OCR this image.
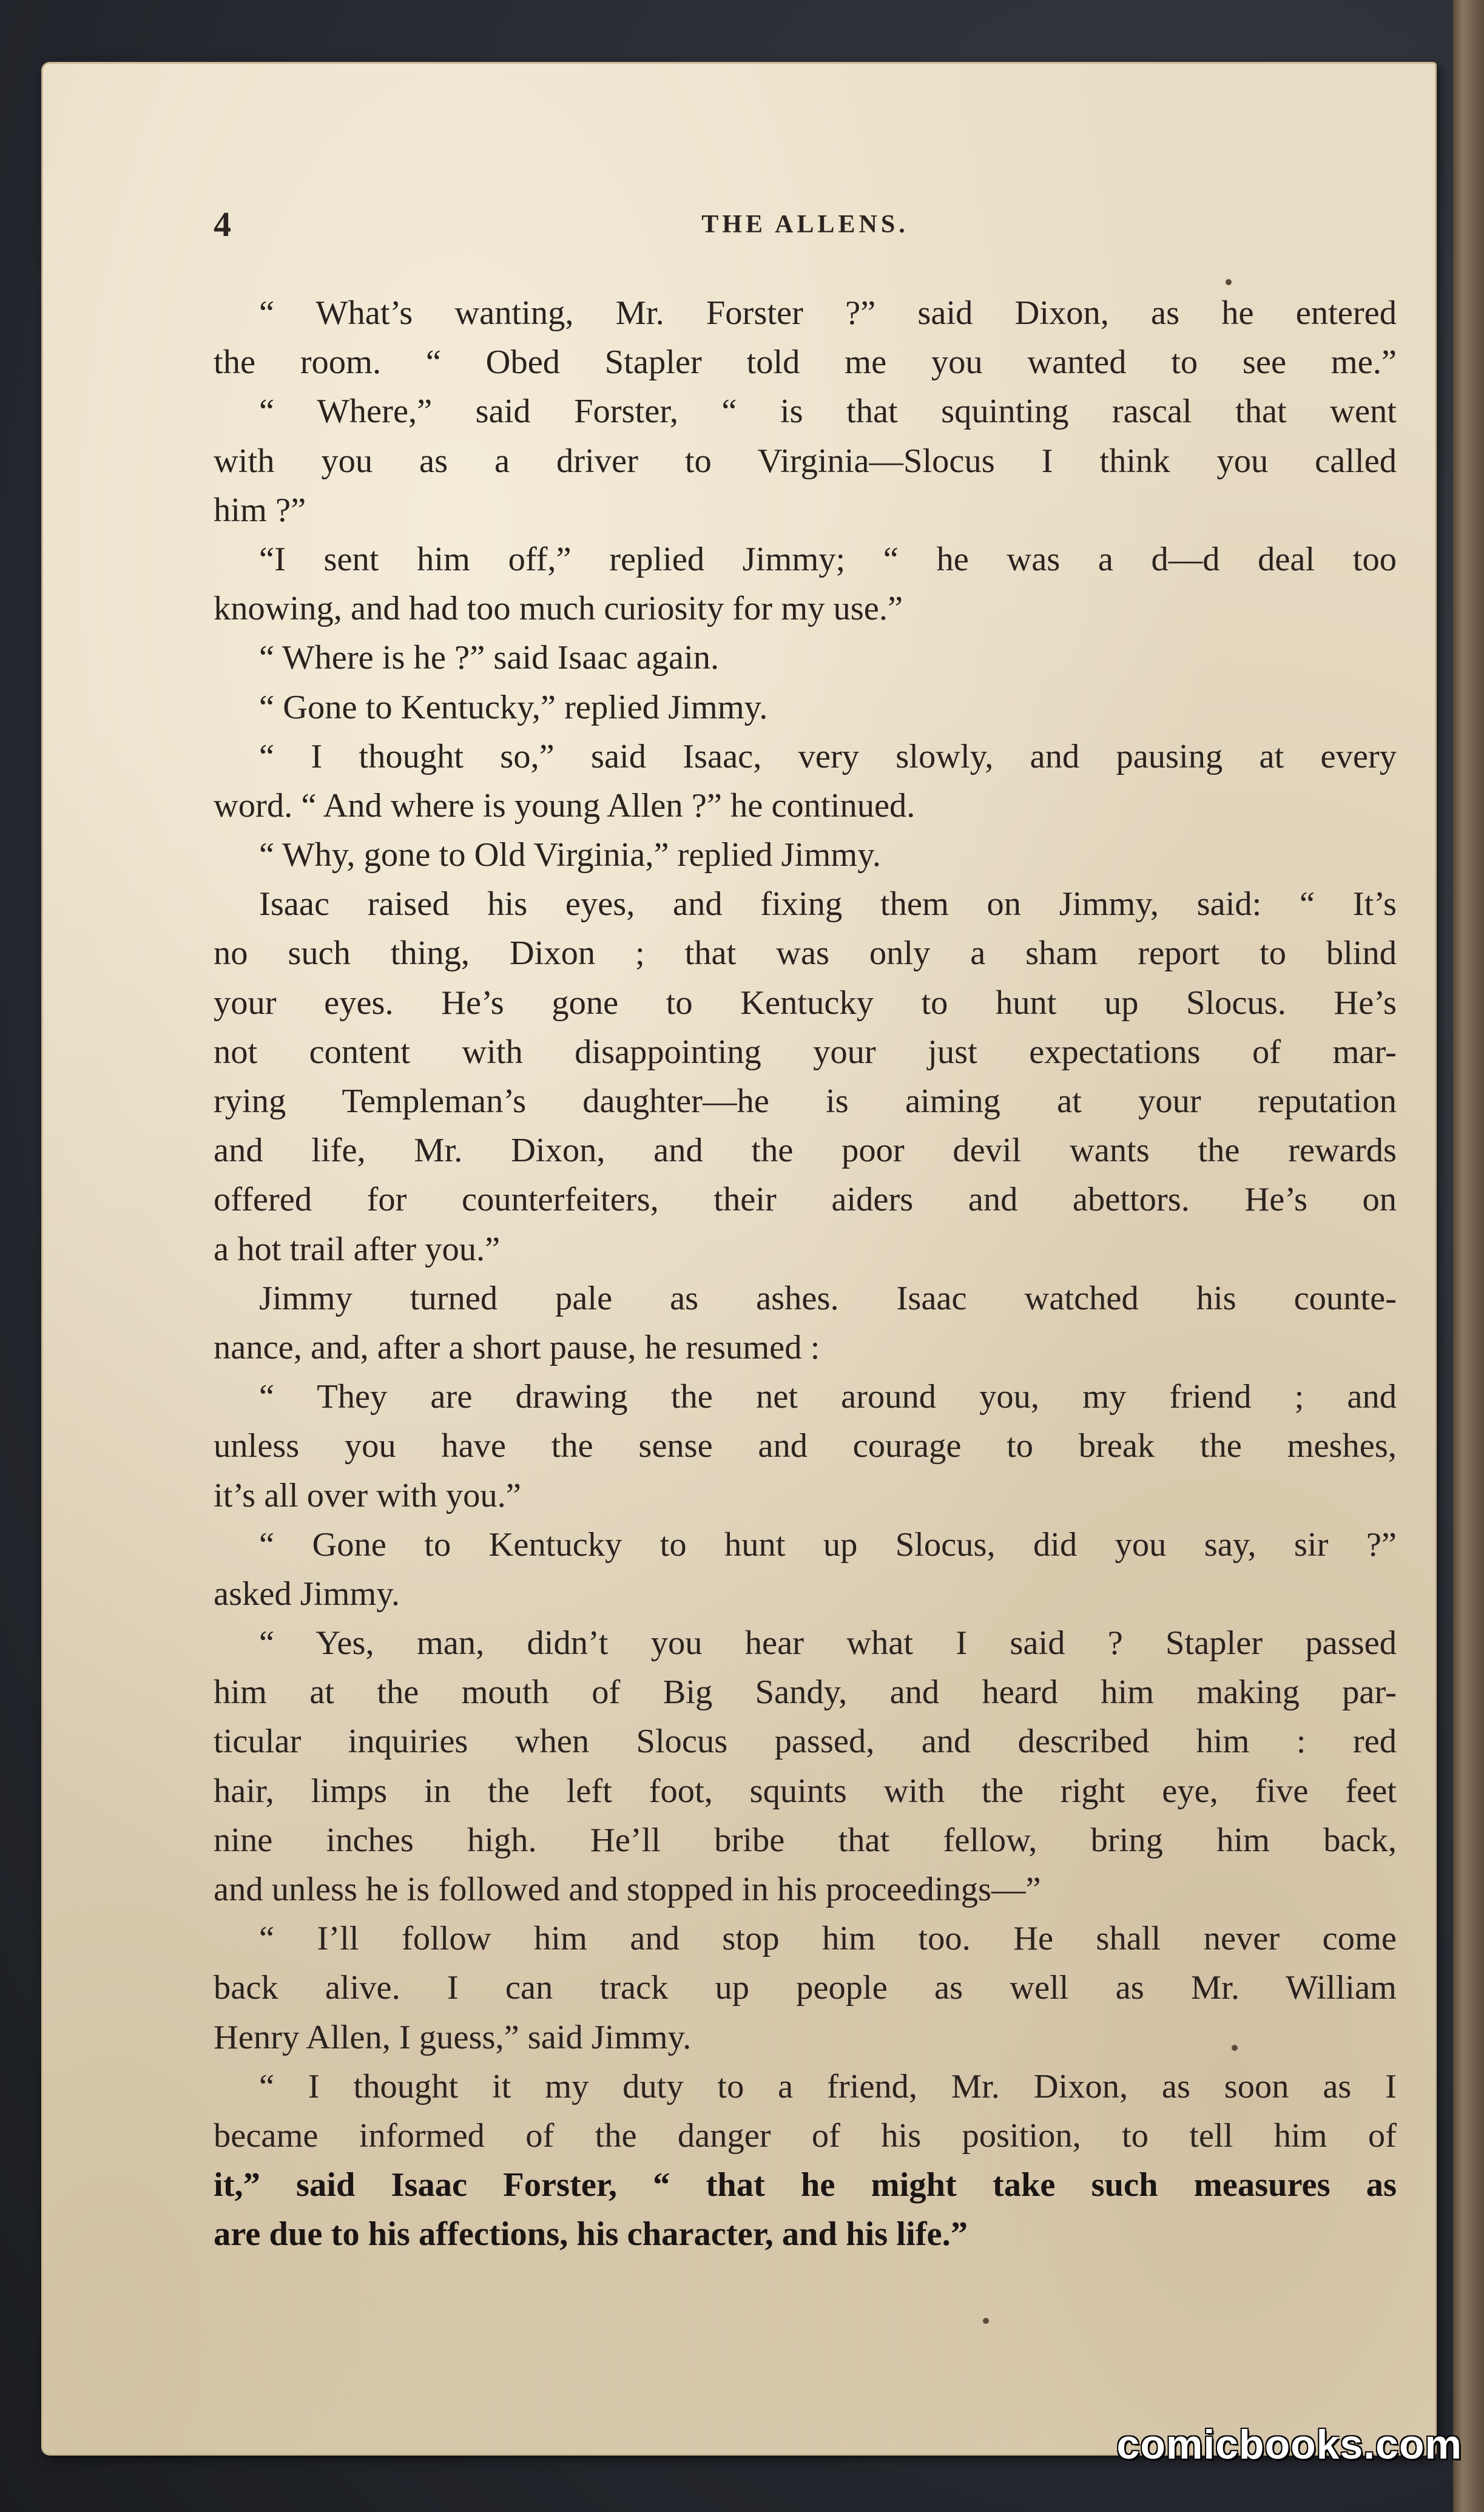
4	THE ALLENS.
“ What’s wanting, Mr. Forster ?” said Dixon, as he entered
the room. “ Obed Stapler told me you wanted to see me.”
“ Where,” said Forster, “ is that squinting rascal that went
with you as a driver to Virginia—Slocus I think you called
him ?”
“I sent him off,” replied Jimmy; “ he was a d—d deal too
knowing, and had too much curiosity for my use.”
“ Where is he ?” said Isaac again.
“ Gone to Kentucky,” replied Jimmy.
“ I thought so,” said Isaac, very slowly, and pausing at every
word. “ And where is young Allen ?” he continued.
“ Why, gone to Old Virginia,” replied Jimmy.
Isaac raised his eyes, and fixing them on Jimmy, said: “ It’s
no such thing, Dixon ; that was only a sham report to blind
your eyes. He’s gone to Kentucky to hunt up Slocus. He’s
not content with disappointing your just expectations of mar-
rying Templeman’s daughter—he is aiming at your reputation
and life, Mr. Dixon, and the poor devil wants the rewards
offered for counterfeiters, their aiders and abettors. He’s on
a hot trail after you.”
Jimmy turned pale as ashes. Isaac watched his counte-
nance, and, after a short pause, he resumed :
“ They are drawing the net around you, my friend ; and
unless you have the sense and courage to break the meshes,
it’s all over with you.”
“ Gone to Kentucky to hunt up Slocus, did you say, sir ?”
asked Jimmy.
“ Yes, man, didn’t you hear what I said ? Stapler passed
him at the mouth of Big Sandy, and heard him making par-
ticular inquiries when Slocus passed, and described him : red
hair, limps in the left foot, squints with the right eye, five feet
nine inches high. He’ll bribe that fellow, bring him back,
and unless he is followed and stopped in his proceedings—”
“ I’ll follow him and stop him too. He shall never come
back alive. I can track up people as well as Mr. William
Henry Allen, I guess,” said Jimmy.
“ I thought it my duty to a friend, Mr. Dixon, as soon as I
became informed of the danger of his position, to tell him of
it,” said Isaac Forster, “ that he might take such measures as
are due to his affections, his character, and his life.”
comicbooks.com
